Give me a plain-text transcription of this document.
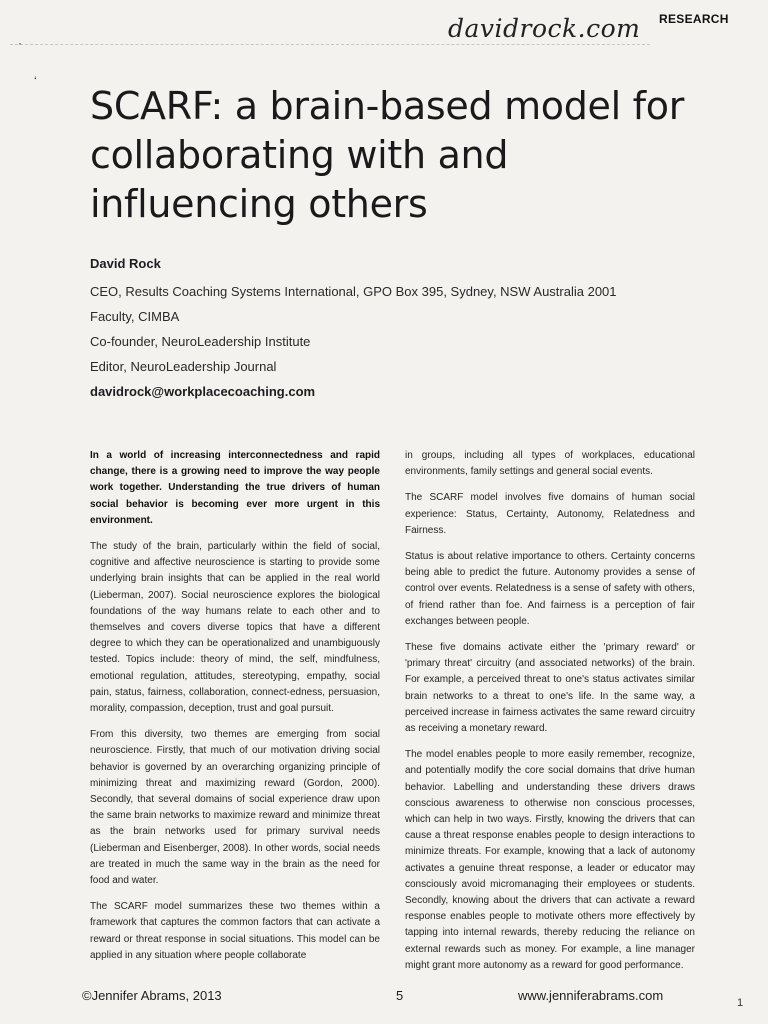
·
‘
davidrock.com RESEARCH
SCARF: a brain-based model for collaborating with and influencing others
David Rock
CEO, Results Coaching Systems International, GPO Box 395, Sydney, NSW Australia 2001
Faculty, CIMBA
Co-founder, NeuroLeadership Institute
Editor, NeuroLeadership Journal
davidrock@workplacecoaching.com

In a world of increasing interconnectedness and rapid change, there is a growing need to improve the way people work together. Understanding the true drivers of human social behavior is becoming ever more urgent in this environment.

The study of the brain, particularly within the field of social, cognitive and affective neuroscience is starting to provide some underlying brain insights that can be applied in the real world (Lieberman, 2007). Social neuroscience explores the biological foundations of the way humans relate to each other and to themselves and covers diverse topics that have a different degree to which they can be operationalized and unambiguously tested. Topics include: theory of mind, the self, mindfulness, emotional regulation, attitudes, stereotyping, empathy, social pain, status, fairness, collaboration, connect-edness, persuasion, morality, compassion, deception, trust and goal pursuit.

From this diversity, two themes are emerging from social neuroscience. Firstly, that much of our motivation driving social behavior is governed by an overarching organizing principle of minimizing threat and maximizing reward (Gordon, 2000). Secondly, that several domains of social experience draw upon the same brain networks to maximize reward and minimize threat as the brain networks used for primary survival needs (Lieberman and Eisenberger, 2008). In other words, social needs are treated in much the same way in the brain as the need for food and water.

The SCARF model summarizes these two themes within a framework that captures the common factors that can activate a reward or threat response in social situations. This model can be applied in any situation where people collaborate

in groups, including all types of workplaces, educational environments, family settings and general social events.

The SCARF model involves five domains of human social experience: Status, Certainty, Autonomy, Relatedness and Fairness.

Status is about relative importance to others. Certainty concerns being able to predict the future. Autonomy provides a sense of control over events. Relatedness is a sense of safety with others, of friend rather than foe. And fairness is a perception of fair exchanges between people.

These five domains activate either the 'primary reward' or 'primary threat' circuitry (and associated networks) of the brain. For example, a perceived threat to one's status activates similar brain networks to a threat to one's life. In the same way, a perceived increase in fairness activates the same reward circuitry as receiving a monetary reward.

The model enables people to more easily remember, recognize, and potentially modify the core social domains that drive human behavior. Labelling and understanding these drivers draws conscious awareness to otherwise non conscious processes, which can help in two ways. Firstly, knowing the drivers that can cause a threat response enables people to design interactions to minimize threats. For example, knowing that a lack of autonomy activates a genuine threat response, a leader or educator may consciously avoid micromanaging their employees or students. Secondly, knowing about the drivers that can activate a reward response enables people to motivate others more effectively by tapping into internal rewards, thereby reducing the reliance on external rewards such as money. For example, a line manager might grant more autonomy as a reward for good performance.

©Jennifer Abrams, 2013	5	www.jenniferabrams.com	1
